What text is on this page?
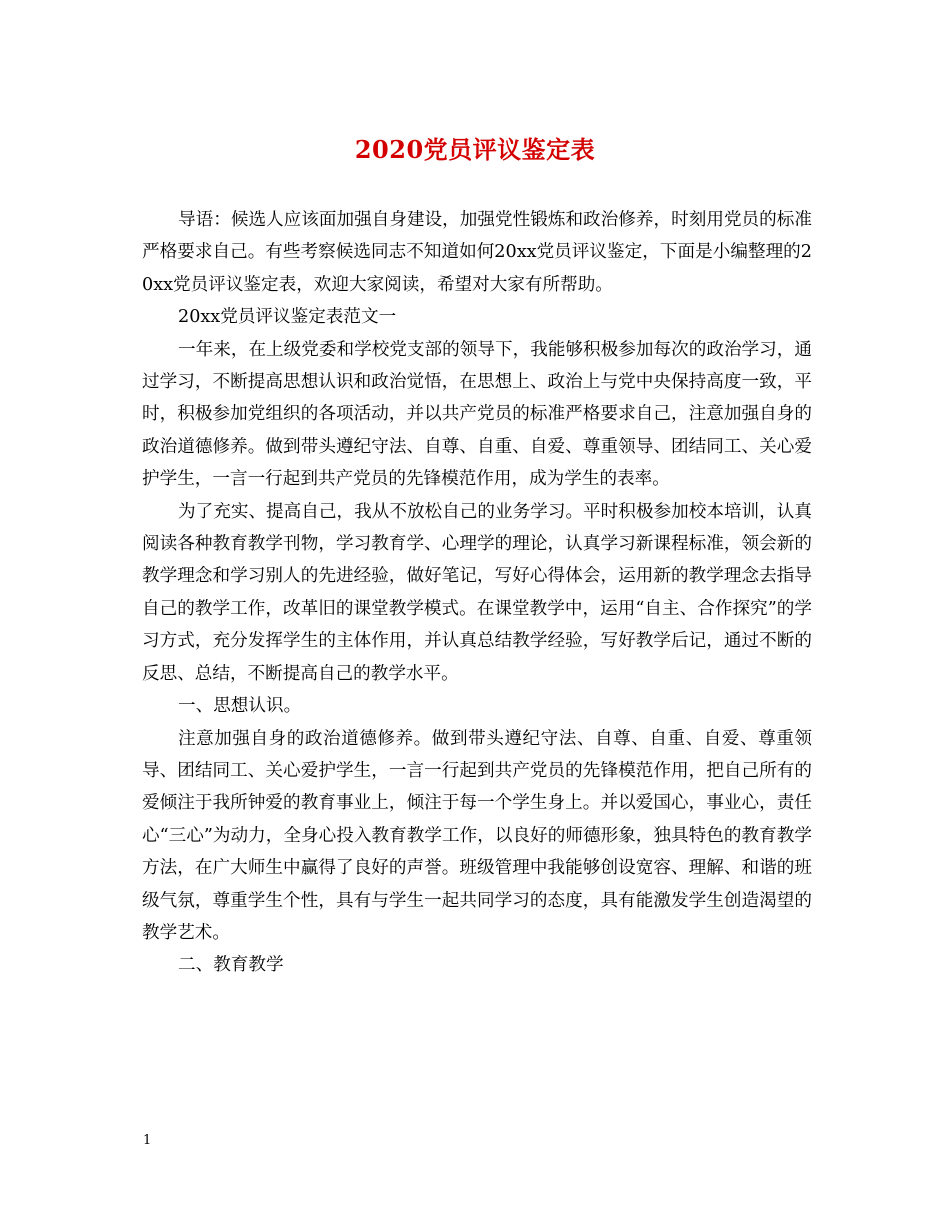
2020党员评议鉴定表

导语：候选人应该面加强自身建设，加强党性锻炼和政治修养，时刻用党员的标准严格要求自己。有些考察候选同志不知道如何20xx党员评议鉴定，下面是小编整理的20xx党员评议鉴定表，欢迎大家阅读，希望对大家有所帮助。

20xx党员评议鉴定表范文一

一年来，在上级党委和学校党支部的领导下，我能够积极参加每次的政治学习，通过学习，不断提高思想认识和政治觉悟，在思想上、政治上与党中央保持高度一致，平时，积极参加党组织的各项活动，并以共产党员的标准严格要求自己，注意加强自身的政治道德修养。做到带头遵纪守法、自尊、自重、自爱、尊重领导、团结同工、关心爱护学生，一言一行起到共产党员的先锋模范作用，成为学生的表率。

为了充实、提高自己，我从不放松自己的业务学习。平时积极参加校本培训，认真阅读各种教育教学刊物，学习教育学、心理学的理论，认真学习新课程标准，领会新的教学理念和学习别人的先进经验，做好笔记，写好心得体会，运用新的教学理念去指导自己的教学工作，改革旧的课堂教学模式。在课堂教学中，运用“自主、合作探究”的学习方式，充分发挥学生的主体作用，并认真总结教学经验，写好教学后记，通过不断的反思、总结，不断提高自己的教学水平。

一、思想认识。

注意加强自身的政治道德修养。做到带头遵纪守法、自尊、自重、自爱、尊重领导、团结同工、关心爱护学生，一言一行起到共产党员的先锋模范作用，把自己所有的爱倾注于我所钟爱的教育事业上，倾注于每一个学生身上。并以爱国心，事业心，责任心“三心”为动力，全身心投入教育教学工作，以良好的师德形象，独具特色的教育教学方法，在广大师生中赢得了良好的声誉。班级管理中我能够创设宽容、理解、和谐的班级气氛，尊重学生个性，具有与学生一起共同学习的态度，具有能激发学生创造渴望的教学艺术。

二、教育教学

1
